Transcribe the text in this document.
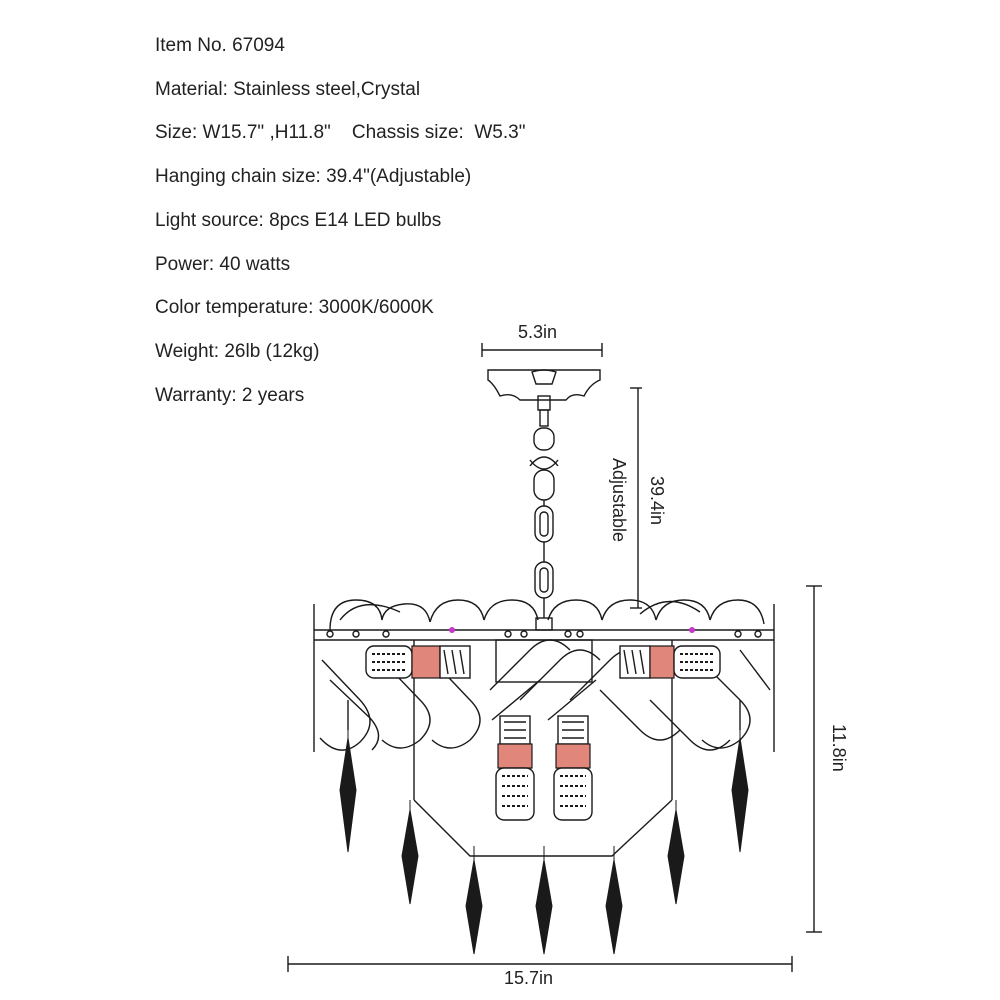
Item No. 67094
Material: Stainless steel,Crystal
Size: W15.7" ,H11.8"    Chassis size:  W5.3"
Hanging chain size: 39.4"(Adjustable)
Light source: 8pcs E14 LED bulbs
Power: 40 watts
Color temperature: 3000K/6000K
Weight: 26lb (12kg)
Warranty: 2 years
5.3in
39.4in
Adjustable
11.8in
15.7in
